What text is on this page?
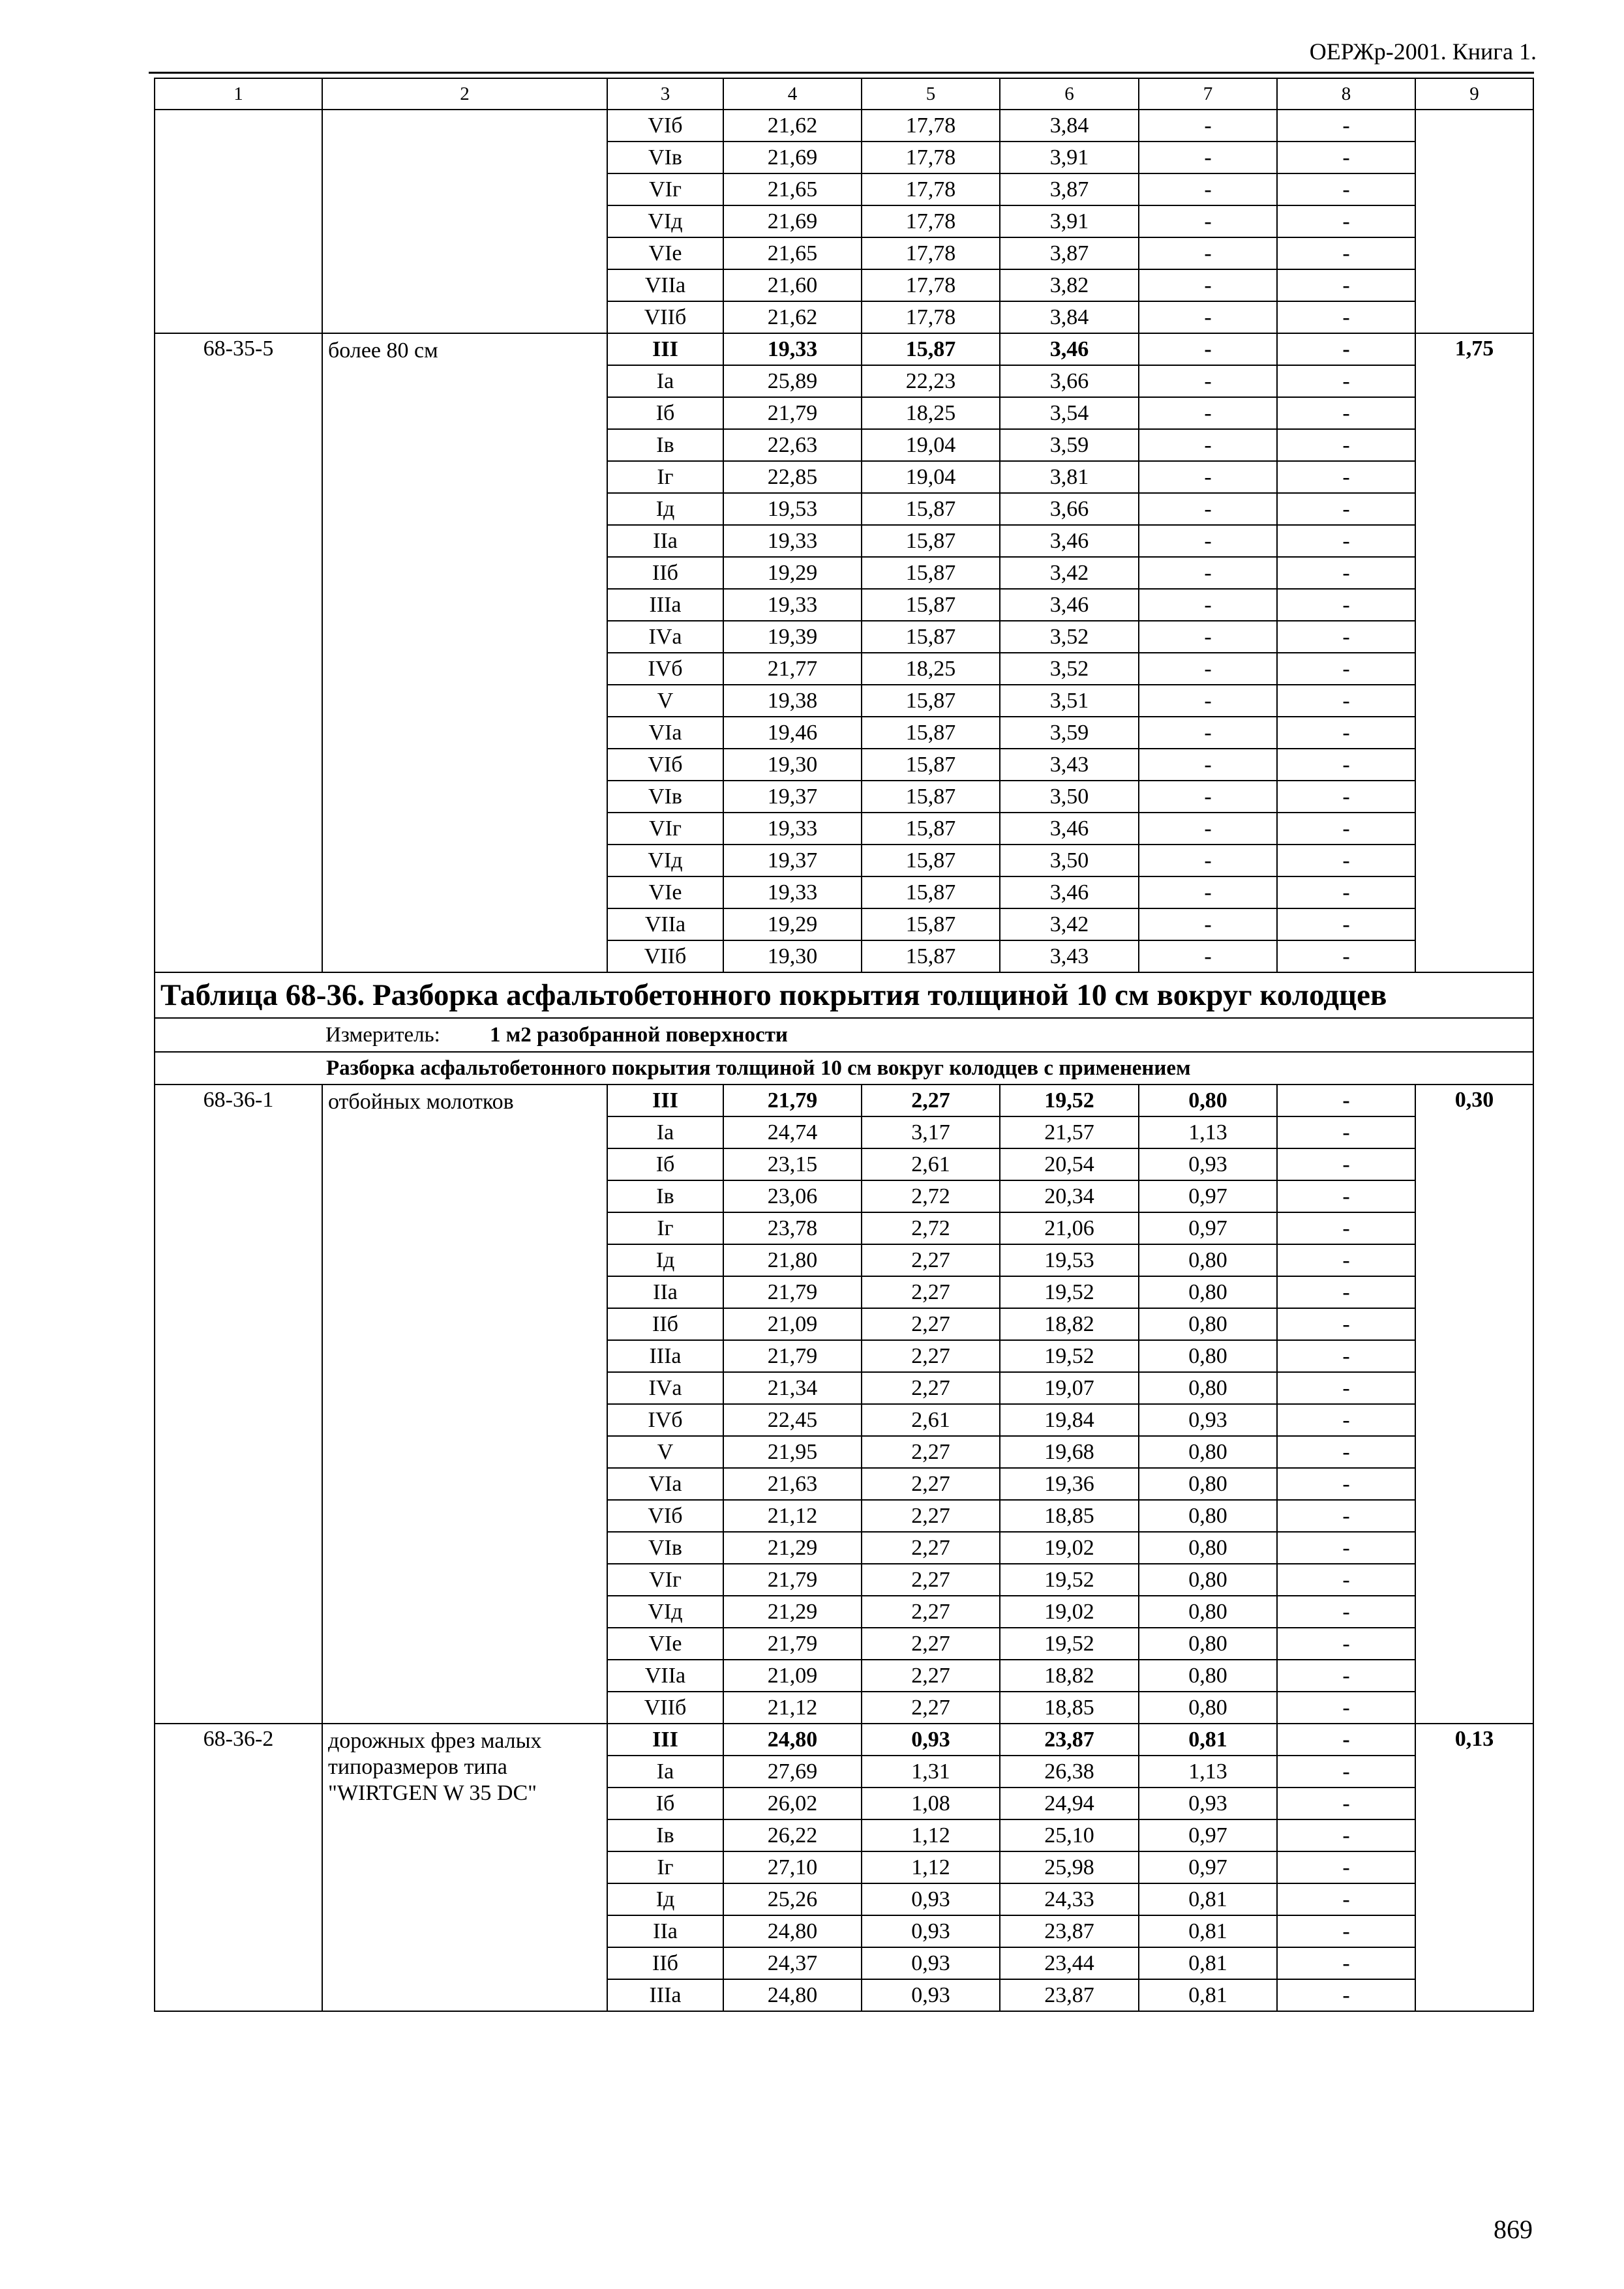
ОЕРЖр-2001. Книга 1.
1	2	3	4	5	6	7	8	9
		VIб	21,62	17,78	3,84	-	-	
		VIв	21,69	17,78	3,91	-	-	
		VIг	21,65	17,78	3,87	-	-	
		VIд	21,69	17,78	3,91	-	-	
		VIе	21,65	17,78	3,87	-	-	
		VIIа	21,60	17,78	3,82	-	-	
		VIIб	21,62	17,78	3,84	-	-	
68-35-5	более 80 см	III	19,33	15,87	3,46	-	-	1,75
		Iа	25,89	22,23	3,66	-	-	
		Iб	21,79	18,25	3,54	-	-	
		Iв	22,63	19,04	3,59	-	-	
		Iг	22,85	19,04	3,81	-	-	
		Iд	19,53	15,87	3,66	-	-	
		IIа	19,33	15,87	3,46	-	-	
		IIб	19,29	15,87	3,42	-	-	
		IIIа	19,33	15,87	3,46	-	-	
		IVа	19,39	15,87	3,52	-	-	
		IVб	21,77	18,25	3,52	-	-	
		V	19,38	15,87	3,51	-	-	
		VIа	19,46	15,87	3,59	-	-	
		VIб	19,30	15,87	3,43	-	-	
		VIв	19,37	15,87	3,50	-	-	
		VIг	19,33	15,87	3,46	-	-	
		VIд	19,37	15,87	3,50	-	-	
		VIе	19,33	15,87	3,46	-	-	
		VIIа	19,29	15,87	3,42	-	-	
		VIIб	19,30	15,87	3,43	-	-	
Таблица 68-36. Разборка асфальтобетонного покрытия толщиной 10 см вокруг колодцев								
Измеритель: 1 м2 разобранной поверхности								
Разборка асфальтобетонного покрытия толщиной 10 см вокруг колодцев с применением								
68-36-1	отбойных молотков	III	21,79	2,27	19,52	0,80	-	0,30
		Iа	24,74	3,17	21,57	1,13	-	
		Iб	23,15	2,61	20,54	0,93	-	
		Iв	23,06	2,72	20,34	0,97	-	
		Iг	23,78	2,72	21,06	0,97	-	
		Iд	21,80	2,27	19,53	0,80	-	
		IIа	21,79	2,27	19,52	0,80	-	
		IIб	21,09	2,27	18,82	0,80	-	
		IIIа	21,79	2,27	19,52	0,80	-	
		IVа	21,34	2,27	19,07	0,80	-	
		IVб	22,45	2,61	19,84	0,93	-	
		V	21,95	2,27	19,68	0,80	-	
		VIа	21,63	2,27	19,36	0,80	-	
		VIб	21,12	2,27	18,85	0,80	-	
		VIв	21,29	2,27	19,02	0,80	-	
		VIг	21,79	2,27	19,52	0,80	-	
		VIд	21,29	2,27	19,02	0,80	-	
		VIе	21,79	2,27	19,52	0,80	-	
		VIIа	21,09	2,27	18,82	0,80	-	
		VIIб	21,12	2,27	18,85	0,80	-	
68-36-2	дорожных фрез малых типоразмеров типа "WIRTGEN W 35 DC"	III	24,80	0,93	23,87	0,81	-	0,13
		Iа	27,69	1,31	26,38	1,13	-	
		Iб	26,02	1,08	24,94	0,93	-	
		Iв	26,22	1,12	25,10	0,97	-	
		Iг	27,10	1,12	25,98	0,97	-	
		Iд	25,26	0,93	24,33	0,81	-	
		IIа	24,80	0,93	23,87	0,81	-	
		IIб	24,37	0,93	23,44	0,81	-	
		IIIа	24,80	0,93	23,87	0,81	-	
869
